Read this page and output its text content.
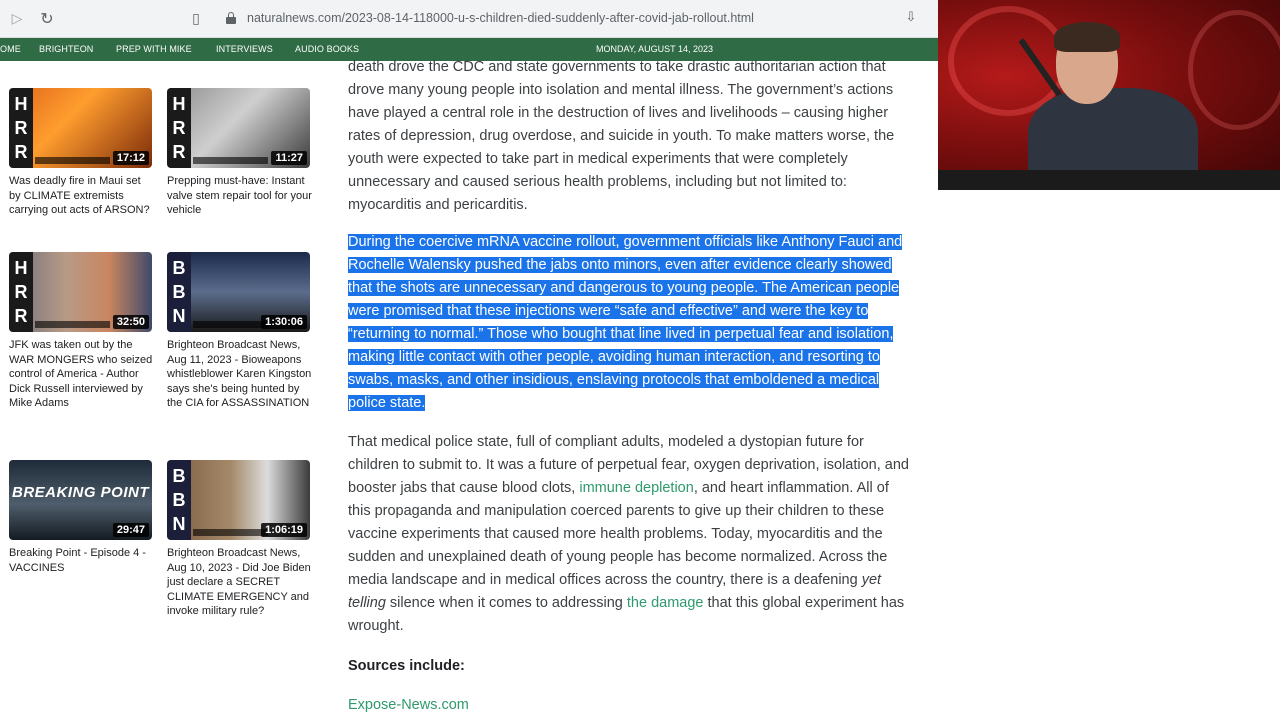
▷	↻	▯	naturalnews.com/2023-08-14-118000-u-s-children-died-suddenly-after-covid-jab-rollout.html	⇩
OME BRIGHTEON	PREP WITH MIKE	INTERVIEWS AUDIO BOOKS	MONDAY, AUGUST 14, 2023
H
R
R	17:12
Was deadly fire in Maui set by CLIMATE extremists carrying out acts of ARSON?
H
R
R	11:27
Prepping must-have: Instant valve stem repair tool for your vehicle
H
R
R	32:50
JFK was taken out by the WAR MONGERS who seized control of America - Author Dick Russell interviewed by Mike Adams
B
B
N	1:30:06
Brighteon Broadcast News, Aug 11, 2023 - Bioweapons whistleblower Karen Kingston says she's being hunted by the CIA for ASSASSINATION
BREAKING POINT
29:47
Breaking Point - Episode 4 - VACCINES
B
B
N	1:06:19
Brighteon Broadcast News, Aug 10, 2023 - Did Joe Biden just declare a SECRET CLIMATE EMERGENCY and invoke military rule?

death drove the CDC and state governments to take drastic authoritarian action that
drove many young people into isolation and mental illness. The government’s actions
have played a central role in the destruction of lives and livelihoods – causing higher
rates of depression, drug overdose, and suicide in youth. To make matters worse, the
youth were expected to take part in medical experiments that were completely
unnecessary and caused serious health problems, including but not limited to:
myocarditis and pericarditis.

During the coercive mRNA vaccine rollout, government officials like Anthony Fauci and
Rochelle Walensky pushed the jabs onto minors, even after evidence clearly showed
that the shots are unnecessary and dangerous to young people. The American people
were promised that these injections were “safe and effective” and were the key to
“returning to normal.” Those who bought that line lived in perpetual fear and isolation,
making little contact with other people, avoiding human interaction, and resorting to
swabs, masks, and other insidious, enslaving protocols that emboldened a medical
police state.

That medical police state, full of compliant adults, modeled a dystopian future for
children to submit to. It was a future of perpetual fear, oxygen deprivation, isolation, and
booster jabs that cause blood clots, immune depletion, and heart inflammation. All of
this propaganda and manipulation coerced parents to give up their children to these
vaccine experiments that caused more health problems. Today, myocarditis and the
sudden and unexplained death of young people has become normalized. Across the
media landscape and in medical offices across the country, there is a deafening yet
telling silence when it comes to addressing the damage that this global experiment has
wrought.

Sources include:
Expose-News.com
